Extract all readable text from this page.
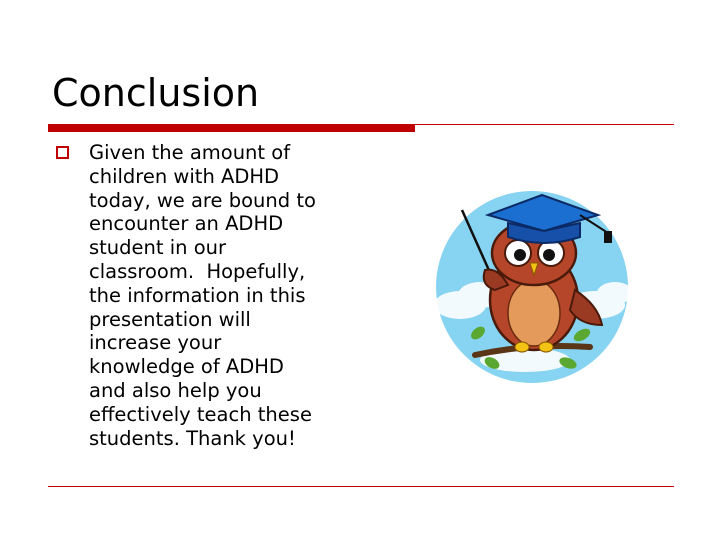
Conclusion
Given the amount of
children with ADHD
today, we are bound to
encounter an ADHD
student in our
classroom.  Hopefully,
the information in this
presentation will
increase your
knowledge of ADHD
and also help you
effectively teach these
students. Thank you!
